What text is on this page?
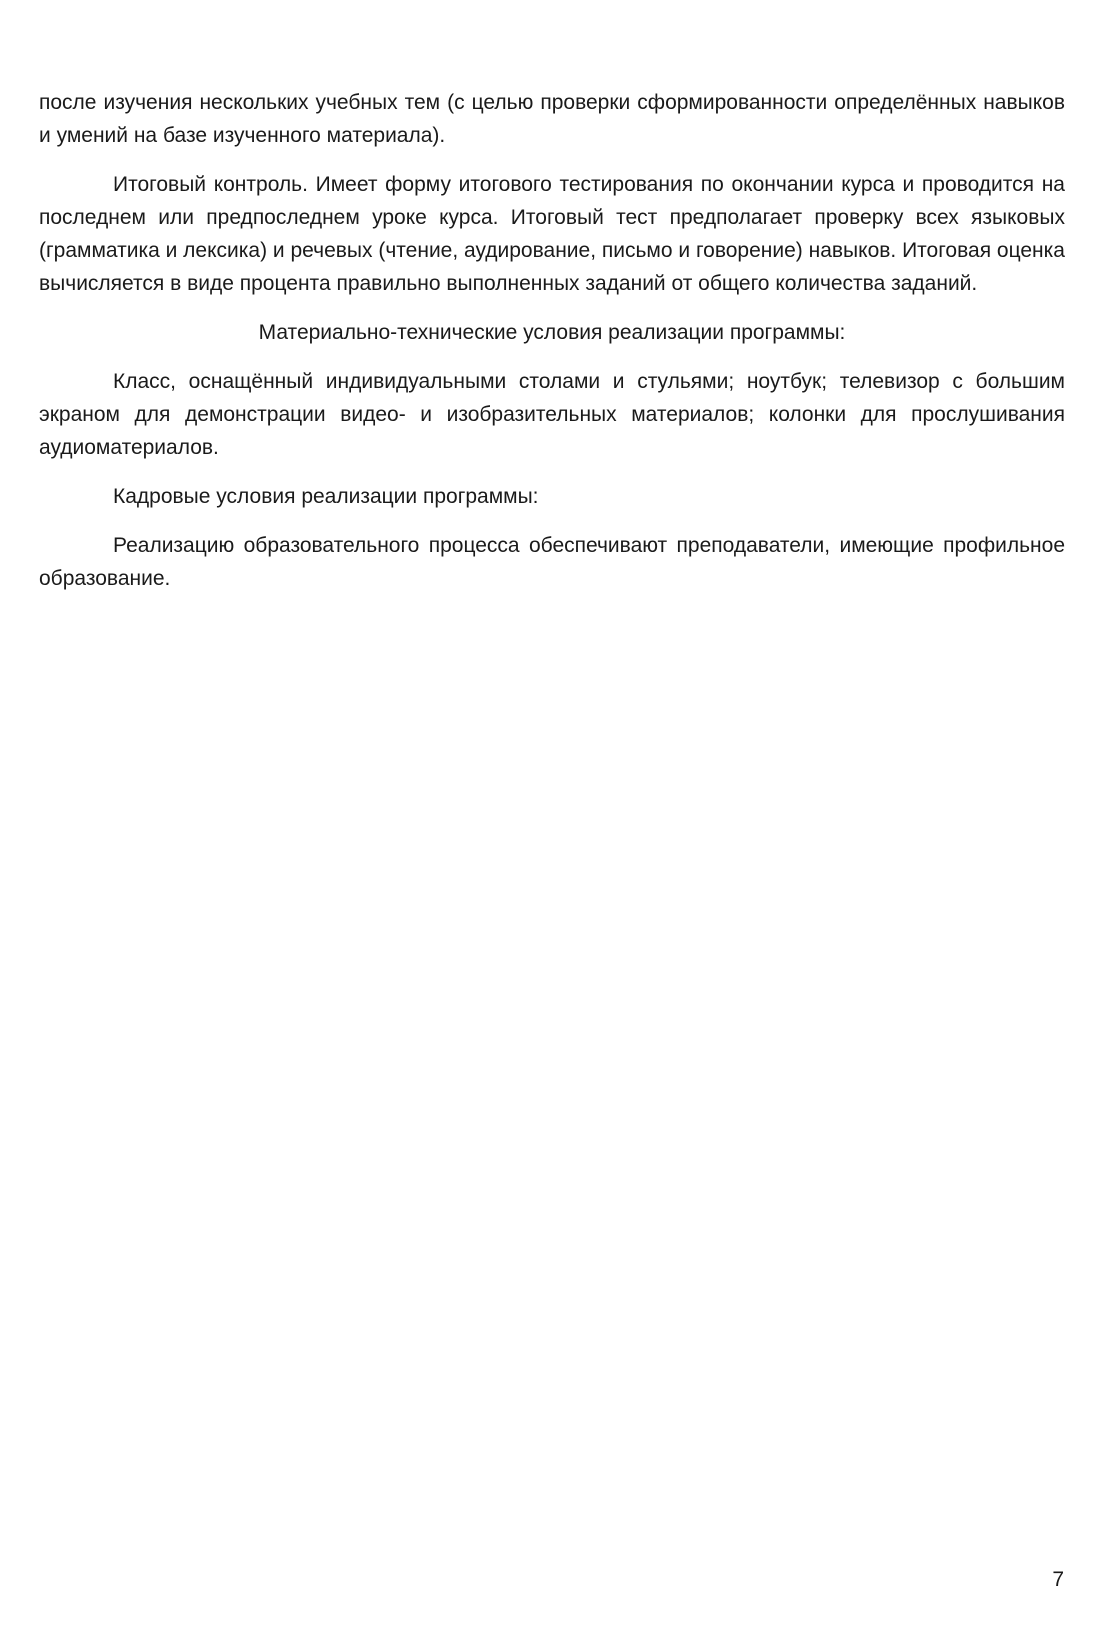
после изучения нескольких учебных тем (с целью проверки сформированности определённых навыков и умений на базе изученного материала).

Итоговый контроль. Имеет форму итогового тестирования по окончании курса и проводится на последнем или предпоследнем уроке курса. Итоговый тест предполагает проверку всех языковых (грамматика и лексика) и речевых (чтение, аудирование, письмо и говорение) навыков. Итоговая оценка вычисляется в виде процента правильно выполненных заданий от общего количества заданий.

Материально-технические условия реализации программы:

Класс, оснащённый индивидуальными столами и стульями; ноутбук; телевизор с большим экраном для демонстрации видео- и изобразительных материалов; колонки для прослушивания аудиоматериалов.

Кадровые условия реализации программы:

Реализацию образовательного процесса обеспечивают преподаватели, имеющие профильное образование.

7
